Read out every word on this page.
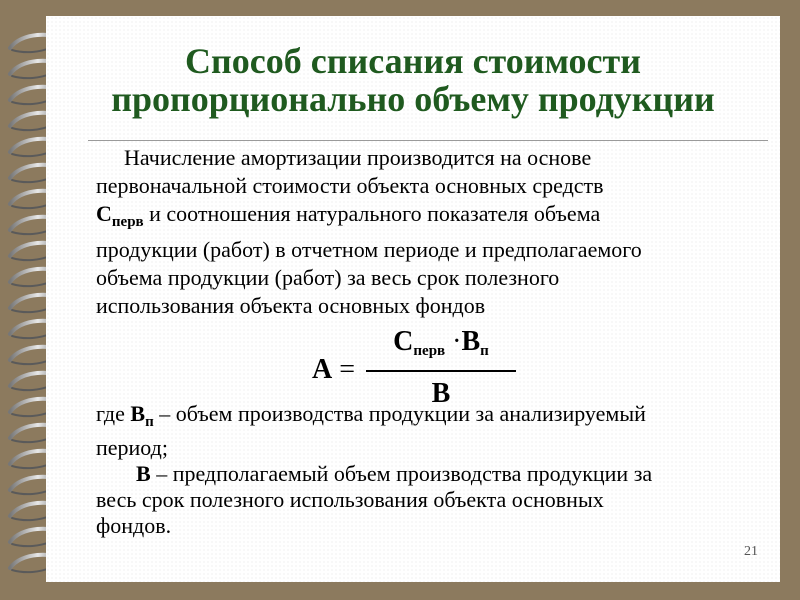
Способ списания стоимости
пропорционально объему продукции
Начисление амортизации производится на основе
первоначальной стоимости объекта основных средств
$С_{перв}$ и соотношения натурального показателя объема
продукции (работ) в отчетном периоде и предполагаемого
объема продукции (работ) за весь срок полезного
использования объекта основных фондов
А =
Сперв ·Вп
В
где $В_п$ – объем производства продукции за анализируемый
период;
В – предполагаемый объем производства продукции за
весь срок полезного использования объекта основных
фондов.
21
